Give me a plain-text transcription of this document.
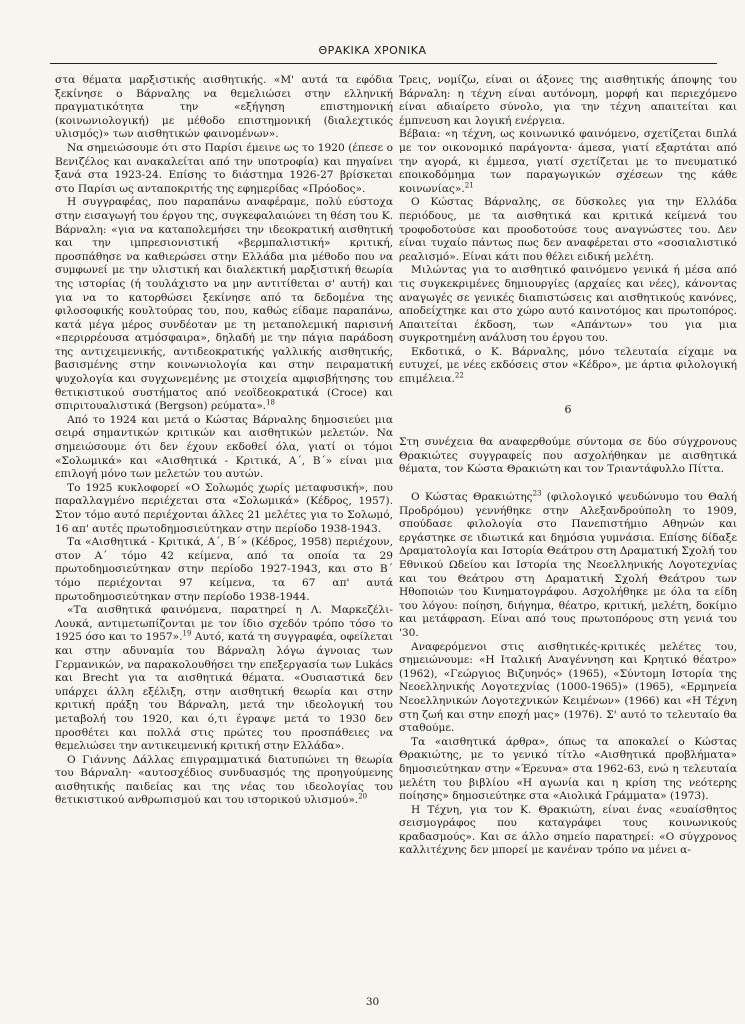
ΘΡΑΚΙΚΑ ΧΡΟΝΙΚΑ

στα θέματα μαρξιστικής αισθητικής. «Μ' αυτά τα εφόδια ξεκίνησε ο Βάρναλης να θεμελιώσει στην ελληνική πραγματικότητα την «εξήγηση επιστημονική (κοινωνιολογική) με μέθοδο επιστημονική (διαλεχτικός υλισμός)» των αισθητικών φαινομένων».

Να σημειώσουμε ότι στο Παρίσι έμεινε ως το 1920 (έπεσε ο Βενιζέλος και ανακαλείται από την υποτροφία) και πηγαίνει ξανά στα 1923-24. Επίσης το διάστημα 1926-27 βρίσκεται στο Παρίσι ως ανταποκριτής της εφημερίδας «Πρόοδος».

Η συγγραφέας, που παραπάνω αναφέραμε, πολύ εύστοχα στην εισαγωγή του έργου της, συγκεφαλαιώνει τη θέση του Κ. Βάρναλη: «για να καταπολεμήσει την ιδεοκρατική αισθητική και την ιμπρεσιονιστική «βερμπαλιστική» κριτική, προσπάθησε να καθιερώσει στην Ελλάδα μια μέθοδο που να συμφωνεί με την υλιστική και διαλεκτική μαρξιστική θεωρία της ιστορίας (ή τουλάχιστο να μην αντιτίθεται σ' αυτή) και για να το κατορθώσει ξεκίνησε από τα δεδομένα της φιλοσοφικής κουλτούρας του, που, καθώς είδαμε παραπάνω, κατά μέγα μέρος συνδέοταν με τη μεταπολεμική παρισινή «περιρρέουσα ατμόσφαιρα», δηλαδή με την πάγια παράδοση της αντιχειμενικής, αντιδεοκρατικής γαλλικής αισθητικής, βασισμένης στην κοινωνιολογία και στην πειραματική ψυχολογία και συγχωνεμένης με στοιχεία αμφισβήτησης του θετικιστικού συστήματος από νεοϊδεοκρατικά (Croce) και σπιριτουαλιστικά (Bergson) ρεύματα».$^{18}$

Από το 1924 και μετά ο Κώστας Βάρναλης δημοσιεύει μια σειρά σημαντικών κριτικών και αισθητικών μελετών. Να σημειώσουμε ότι δεν έχουν εκδοθεί όλα, γιατί οι τόμοι «Σολωμικά» και «Αισθητικά - Κριτικά, Α΄, Β΄» είναι μια επιλογή μόνο των μελετών του αυτών.

Το 1925 κυκλοφορεί «Ο Σολωμός χωρίς μεταφυσική», που παραλλαγμένο περιέχεται στα «Σολωμικά» (Κέδρος, 1957). Στον τόμο αυτό περιέχονται άλλες 21 μελέτες για το Σολωμό, 16 απ' αυτές πρωτοδημοσιεύτηκαν στην περίοδο 1938-1943.

Τα «Αισθητικά - Κριτικά, Α΄, Β΄» (Κέδρος, 1958) περιέχουν, στον Α΄ τόμο 42 κείμενα, από τα οποία τα 29 πρωτοδημοσιεύτηκαν στην περίοδο 1927-1943, και στο Β΄ τόμο περιέχονται 97 κείμενα, τα 67 απ' αυτά πρωτοδημοσιεύτηκαν στην περίοδο 1938-1944.

«Τα αισθητικά φαινόμενα, παρατηρεί η Λ. Μαρκεζέλι-Λουκά, αντιμετωπίζονται με τον ίδιο σχεδόν τρόπο τόσο το 1925 όσο και το 1957».$^{19}$ Αυτό, κατά τη συγγραφέα, οφείλεται και στην αδυναμία του Βάρναλη λόγω άγνοιας των Γερμανικών, να παρακολουθήσει την επεξεργασία των Lukács και Brecht για τα αισθητικά θέματα. «Ουσιαστικά δεν υπάρχει άλλη εξέλιξη, στην αισθητική θεωρία και στην κριτική πράξη του Βάρναλη, μετά την ιδεολογική του μεταβολή του 1920, και ό,τι έγραψε μετά το 1930 δεν προσθέτει και πολλά στις πρώτες του προσπάθειες να θεμελιώσει την αντικειμενική κριτική στην Ελλάδα».

Ο Γιάννης Δάλλας επιγραμματικά διατυπώνει τη θεωρία του Βάρναλη· «αυτοσχέδιος συνδυασμός της προηγούμενης αισθητικής παιδείας και της νέας του ιδεολογίας του θετικιστικού ανθρωπισμού και του ιστορικού υλισμού».$^{20}$

Τρεις, νομίζω, είναι οι άξονες της αισθητικής άποψης του Βάρναλη: η τέχνη είναι αυτόνομη, μορφή και περιεχόμενο είναι αδιαίρετο σύνολο, για την τέχνη απαιτείται και έμπνευση και λογική ενέργεια.

Βέβαια: «η τέχνη, ως κοινωνικό φαινόμενο, σχετίζεται διπλά με τον οικονομικό παράγοντα· άμεσα, γιατί εξαρτάται από την αγορά, κι έμμεσα, γιατί σχετίζεται με το πνευματικό εποικοδόμημα των παραγωγικών σχέσεων της κάθε κοινωνίας».$^{21}$

Ο Κώστας Βάρναλης, σε δύσκολες για την Ελλάδα περιόδους, με τα αισθητικά και κριτικά κείμενά του τροφοδοτούσε και προοδοτούσε τους αναγνώστες του. Δεν είναι τυχαίο πάντως πως δεν αναφέρεται στο «σοσιαλιστικό ρεαλισμό». Είναι κάτι που θέλει ειδική μελέτη.

Μιλώντας για το αισθητικό φαινόμενο γενικά ή μέσα από τις συγκεκριμένες δημιουργίες (αρχαίες και νέες), κάνοντας αναγωγές σε γενικές διαπιστώσεις και αισθητικούς κανόνες, αποδείχτηκε και στο χώρο αυτό καινοτόμος και πρωτοπόρος. Απαιτείται έκδοση, των «Απάντων» του για μια συγκροτημένη ανάλυση του έργου του.

Εκδοτικά, ο Κ. Βάρναλης, μόνο τελευταία είχαμε να ευτυχεί, με νέες εκδόσεις στον «Κέδρο», με άρτια φιλολογική επιμέλεια.$^{22}$

6

Στη συνέχεια θα αναφερθούμε σύντομα σε δύο σύγχρονους Θρακιώτες συγγραφείς που ασχολήθηκαν με αισθητικά θέματα, τον Κώστα Θρακιώτη και τον Τριαντάφυλλο Πίττα.

Ο Κώστας Θρακιώτης$^{23}$ (φιλολογικό ψευδώνυμο του Θαλή Προδρόμου) γεννήθηκε στην Αλεξανδρούπολη το 1909, σπούδασε φιλολογία στο Πανεπιστήμιο Αθηνών και εργάστηκε σε ιδιωτικά και δημόσια γυμνάσια. Επίσης δίδαξε Δραματολογία και Ιστορία Θεάτρου στη Δραματική Σχολή του Εθνικού Ωδείου και Ιστορία της Νεοελληνικής Λογοτεχνίας και του Θεάτρου στη Δραματική Σχολή Θεάτρου των Ηθοποιών του Κινηματογράφου. Ασχολήθηκε με όλα τα είδη του λόγου: ποίηση, διήγημα, θέατρο, κριτική, μελέτη, δοκίμιο και μετάφραση. Είναι από τους πρωτοπόρους στη γενιά του '30.

Αναφερόμενοι στις αισθητικές-κριτικές μελέτες του, σημειώνουμε: «Η Ιταλική Αναγέννηση και Κρητικό θέατρο» (1962), «Γεώργιος Βιζυηνός» (1965), «Σύντομη Ιστορία της Νεοελληνικής Λογοτεχνίας (1000-1965)» (1965), «Ερμηνεία Νεοελληνικών Λογοτεχνικών Κειμένων» (1966) και «Η Τέχνη στη ζωή και στην εποχή μας» (1976). Σ' αυτό το τελευταίο θα σταθούμε.

Τα «αισθητικά άρθρα», όπως τα αποκαλεί ο Κώστας Θρακιώτης, με το γενικό τίτλο «Αισθητικά προβλήματα» δημοσιεύτηκαν στην «Έρευνα» στα 1962-63, ενώ η τελευταία μελέτη του βιβλίου «Η αγωνία και η κρίση της νεότερης ποίησης» δημοσιεύτηκε στα «Αιολικά Γράμματα» (1973).

Η Τέχνη, για τον Κ. Θρακιώτη, είναι ένας «ευαίσθητος σεισμογράφος που καταγράφει τους κοινωνικούς κραδασμούς». Και σε άλλο σημείο παρατηρεί: «Ο σύγχρονος καλλιτέχνης δεν μπορεί με κανέναν τρόπο να μένει α-

30
